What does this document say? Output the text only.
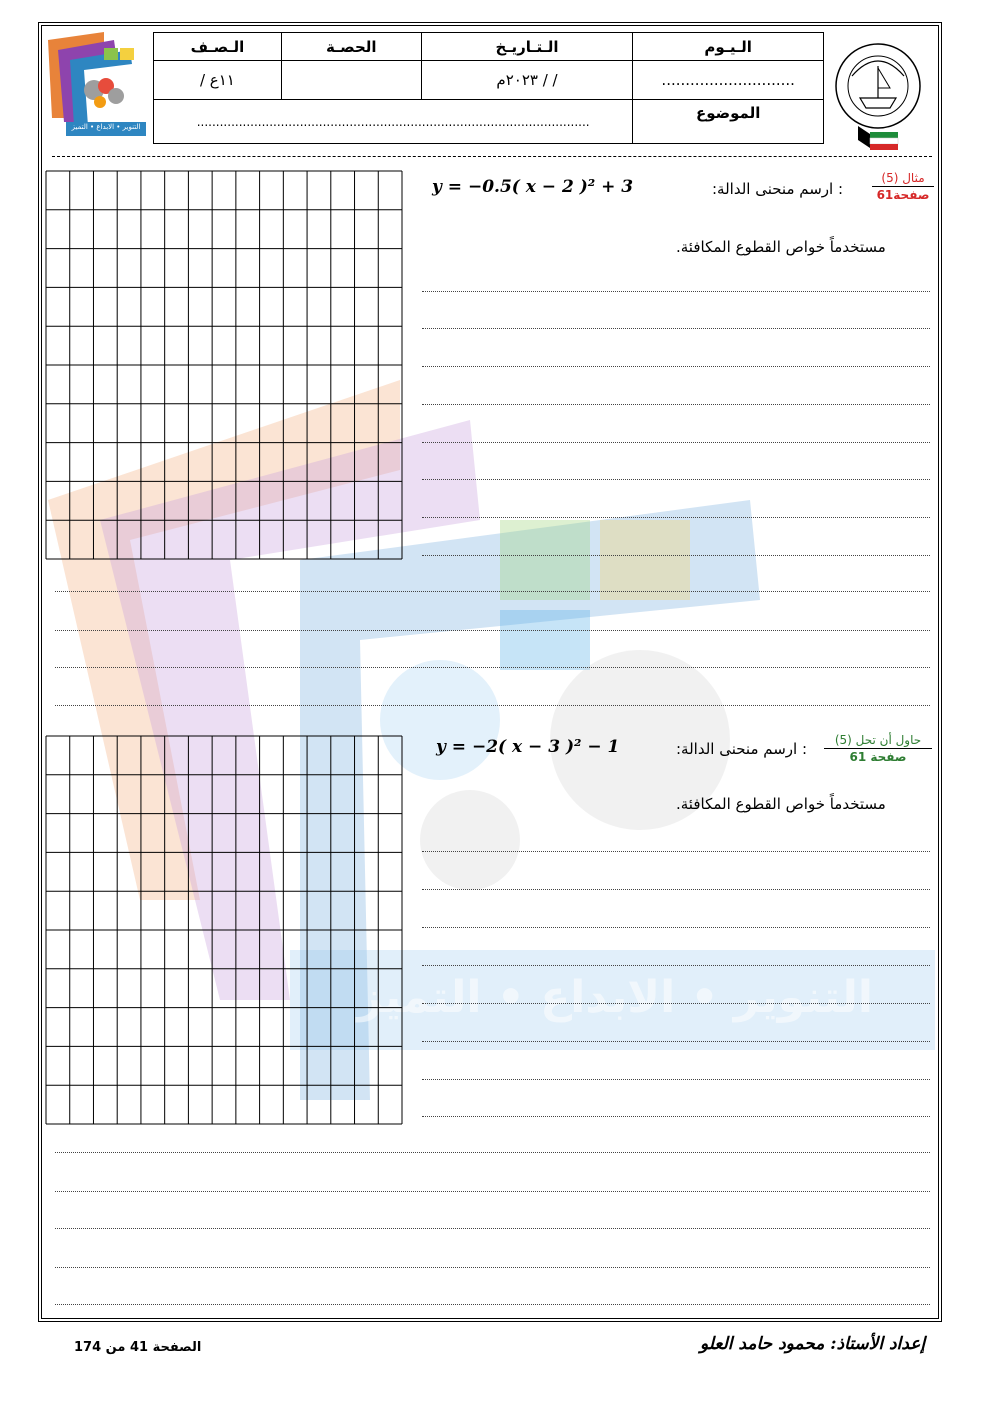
التنوير • الابداع • التميز
التنوير • الابداع • التميز
الـصـف	الحصـة	الـتـاريـخ	الـيـوم
١١ع /		/ / ٢٠٢٣م	............................
.......................................................................................................			الموضوع
مثال (5)
صفحة61
: ارسم منحنى الدالة:
y = −0.5( x − 2 )² + 3
مستخدماً خواص القطوع المكافئة.
حاول أن تحل (5)
صفحة 61
: ارسم منحنى الدالة:
y = −2( x − 3 )² − 1
مستخدماً خواص القطوع المكافئة.
الصفحة 41 من 174	إعداد الأستاذ: محمود حامد العلو
